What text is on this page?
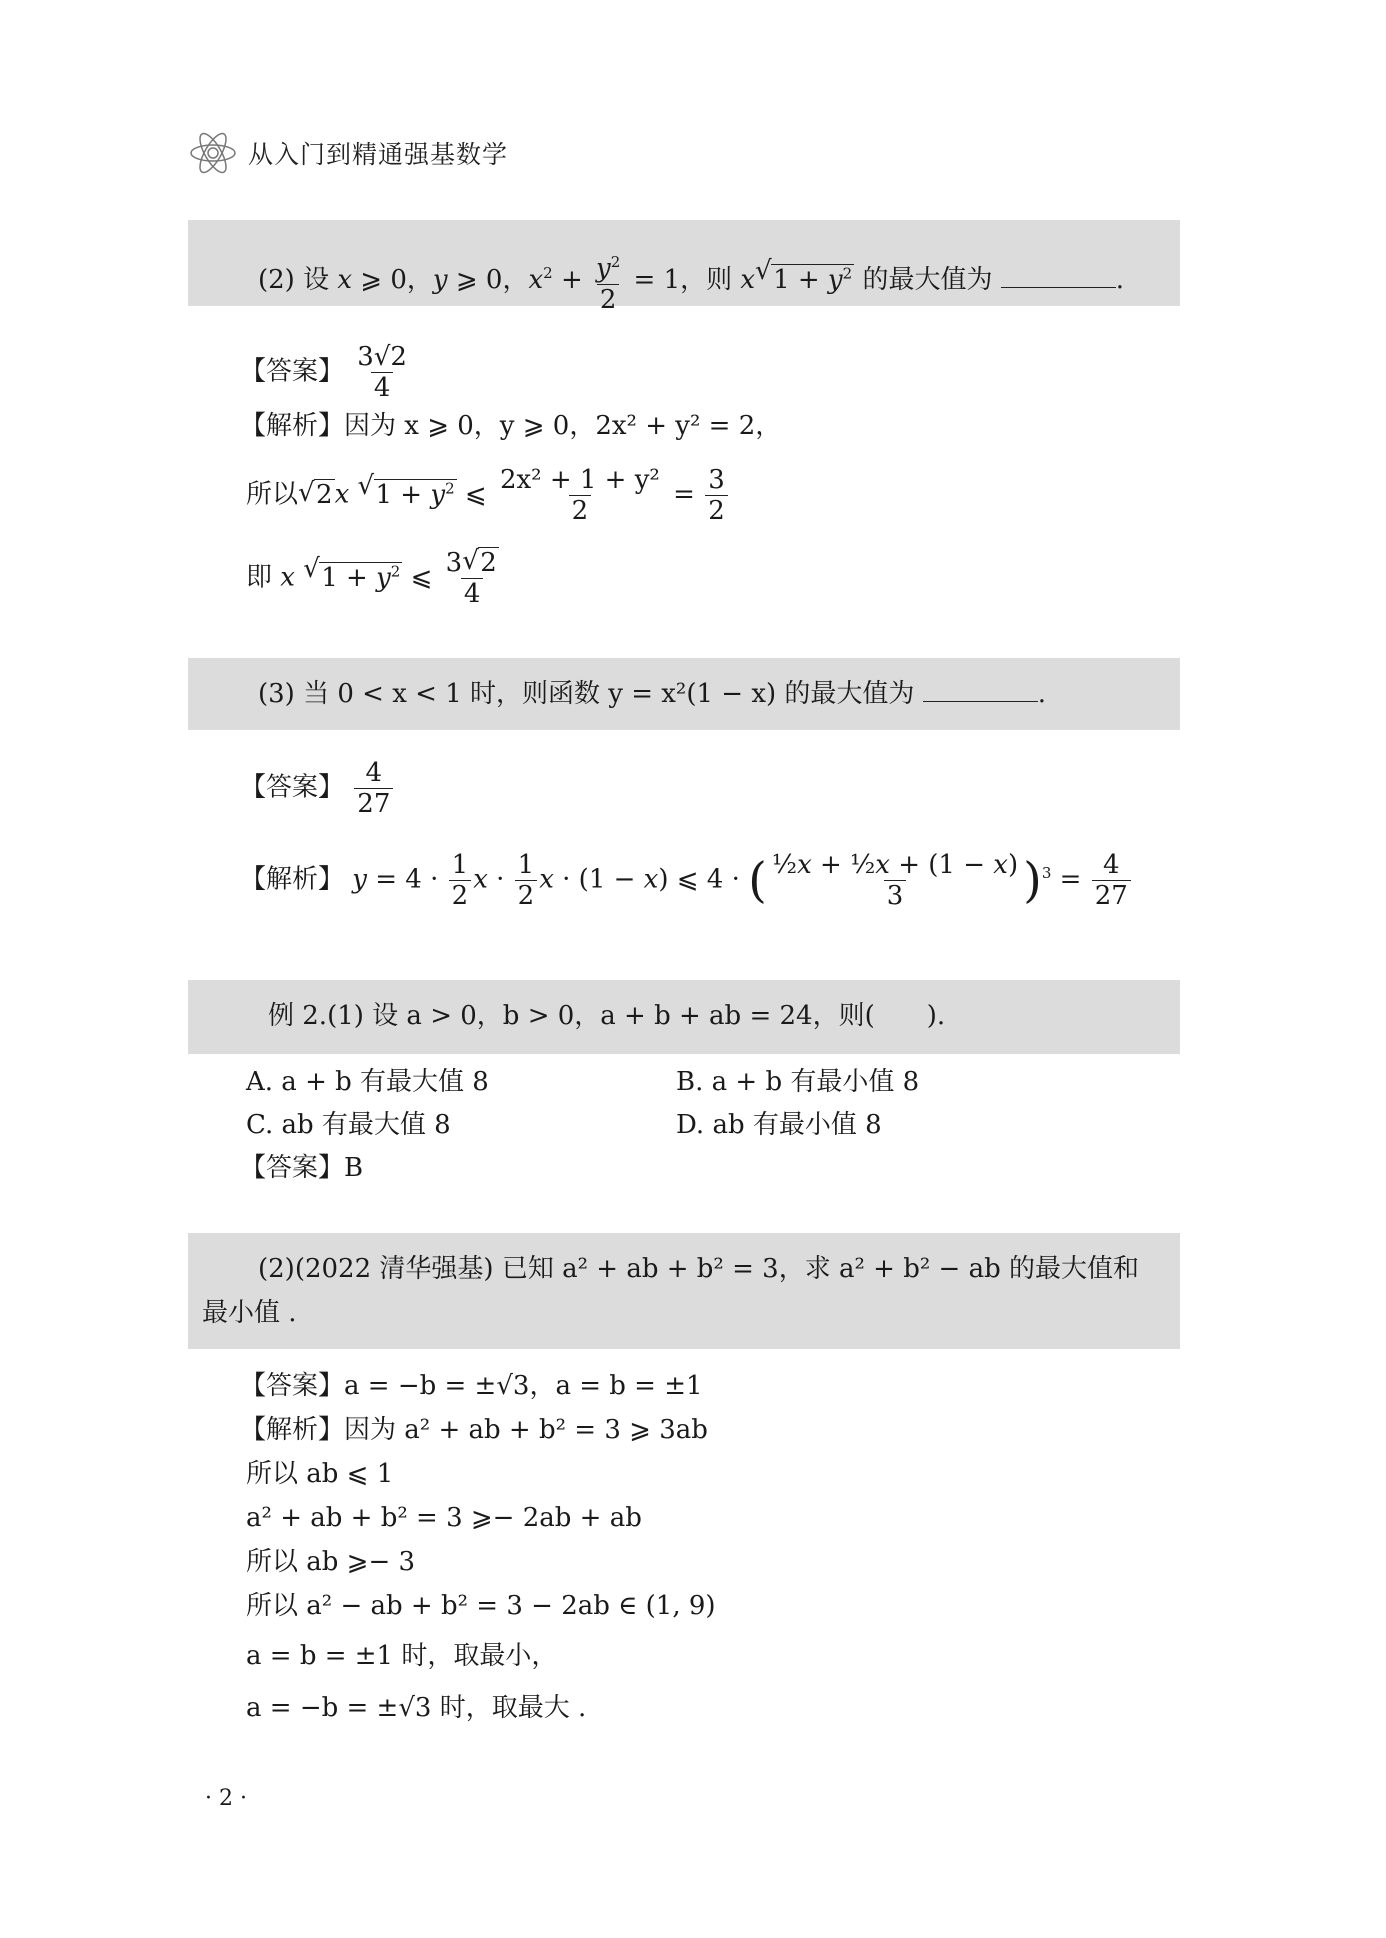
从入门到精通强基数学
(2) 设 x ⩾ 0，y ⩾ 0，$x^2 + \frac{y^2}{2} = 1$，则 x √ $1 + y^2$ 的最大值为	.
【答案】 $\frac{3√2}{4}$
【解析】因为 x ⩾ 0，y ⩾ 0，2x² + y² = 2，
所以 √ 2x √ $1 + y^2$ ⩽ $\frac{\text{2x² + 1 + y²}}{2} = \frac{3}{2}$
即 x √ $1 + y^2$ ⩽ $\frac{3 √ 2}{4}$
(3) 当 0 < x < 1 时，则函数 y = x²(1 − x) 的最大值为	.
【答案】 $\frac{4}{27}$
【解析】 $y = 4 \cdot \frac{1}{2}$ $x \cdot \frac{1}{2}$ x · (1 − x) ⩽ 4 · ( $\frac{\text{½x + ½x + (1 − x)}}{3} )^3 = \frac{4}{27}$
例 2.(1) 设 a > 0，b > 0，a + b + ab = 24，则(　　).
A. a + b 有最大值 8	B. a + b 有最小值 8
C. ab 有最大值 8	D. ab 有最小值 8
【答案】B
(2)(2022 清华强基) 已知 a² + ab + b² = 3，求 a² + b² − ab 的最大值和
最小值 .
【答案】a = −b = ±√3，a = b = ±1
【解析】因为 a² + ab + b² = 3 ⩾ 3ab
所以 ab ⩽ 1
a² + ab + b² = 3 ⩾− 2ab + ab
所以 ab ⩾− 3
所以 a² − ab + b² = 3 − 2ab ∈ (1, 9)
a = b = ±1 时，取最小，
a = −b = ±√3 时，取最大 .
· 2 ·
